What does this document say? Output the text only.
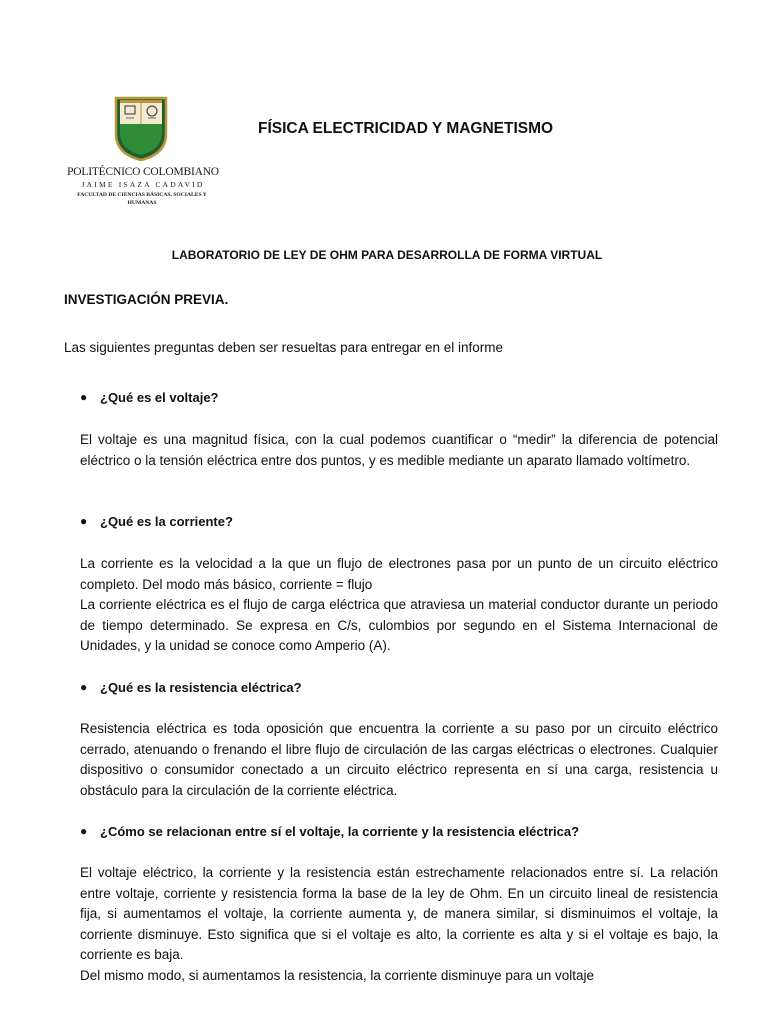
POLITÉCNICO COLOMBIANO
JAIME ISAZA CADAVID
FACULTAD DE CIENCIAS BÁSICAS, SOCIALES Y HUMANAS
FÍSICA ELECTRICIDAD Y MAGNETISMO
LABORATORIO DE LEY DE OHM PARA DESARROLLA DE FORMA VIRTUAL
INVESTIGACIÓN PREVIA.
Las siguientes preguntas deben ser resueltas para entregar en el informe
● ¿Qué es el voltaje?

El voltaje es una magnitud física, con la cual podemos cuantificar o “medir” la diferencia de potencial eléctrico o la tensión eléctrica entre dos puntos, y es medible mediante un aparato llamado voltímetro.

● ¿Qué es la corriente?

La corriente es la velocidad a la que un flujo de electrones pasa por un punto de un circuito eléctrico completo. Del modo más básico, corriente = flujo

La corriente eléctrica es el flujo de carga eléctrica que atraviesa un material conductor durante un periodo de tiempo determinado. Se expresa en C/s, culombios por segundo en el Sistema Internacional de Unidades, y la unidad se conoce como Amperio (A).

● ¿Qué es la resistencia eléctrica?

Resistencia eléctrica es toda oposición que encuentra la corriente a su paso por un circuito eléctrico cerrado, atenuando o frenando el libre flujo de circulación de las cargas eléctricas o electrones. Cualquier dispositivo o consumidor conectado a un circuito eléctrico representa en sí una carga, resistencia u obstáculo para la circulación de la corriente eléctrica.

● ¿Cómo se relacionan entre sí el voltaje, la corriente y la resistencia eléctrica?

El voltaje eléctrico, la corriente y la resistencia están estrechamente relacionados entre sí. La relación entre voltaje, corriente y resistencia forma la base de la ley de Ohm. En un circuito lineal de resistencia fija, si aumentamos el voltaje, la corriente aumenta y, de manera similar, si disminuimos el voltaje, la corriente disminuye. Esto significa que si el voltaje es alto, la corriente es alta y si el voltaje es bajo, la corriente es baja.

Del mismo modo, si aumentamos la resistencia, la corriente disminuye para un voltaje
